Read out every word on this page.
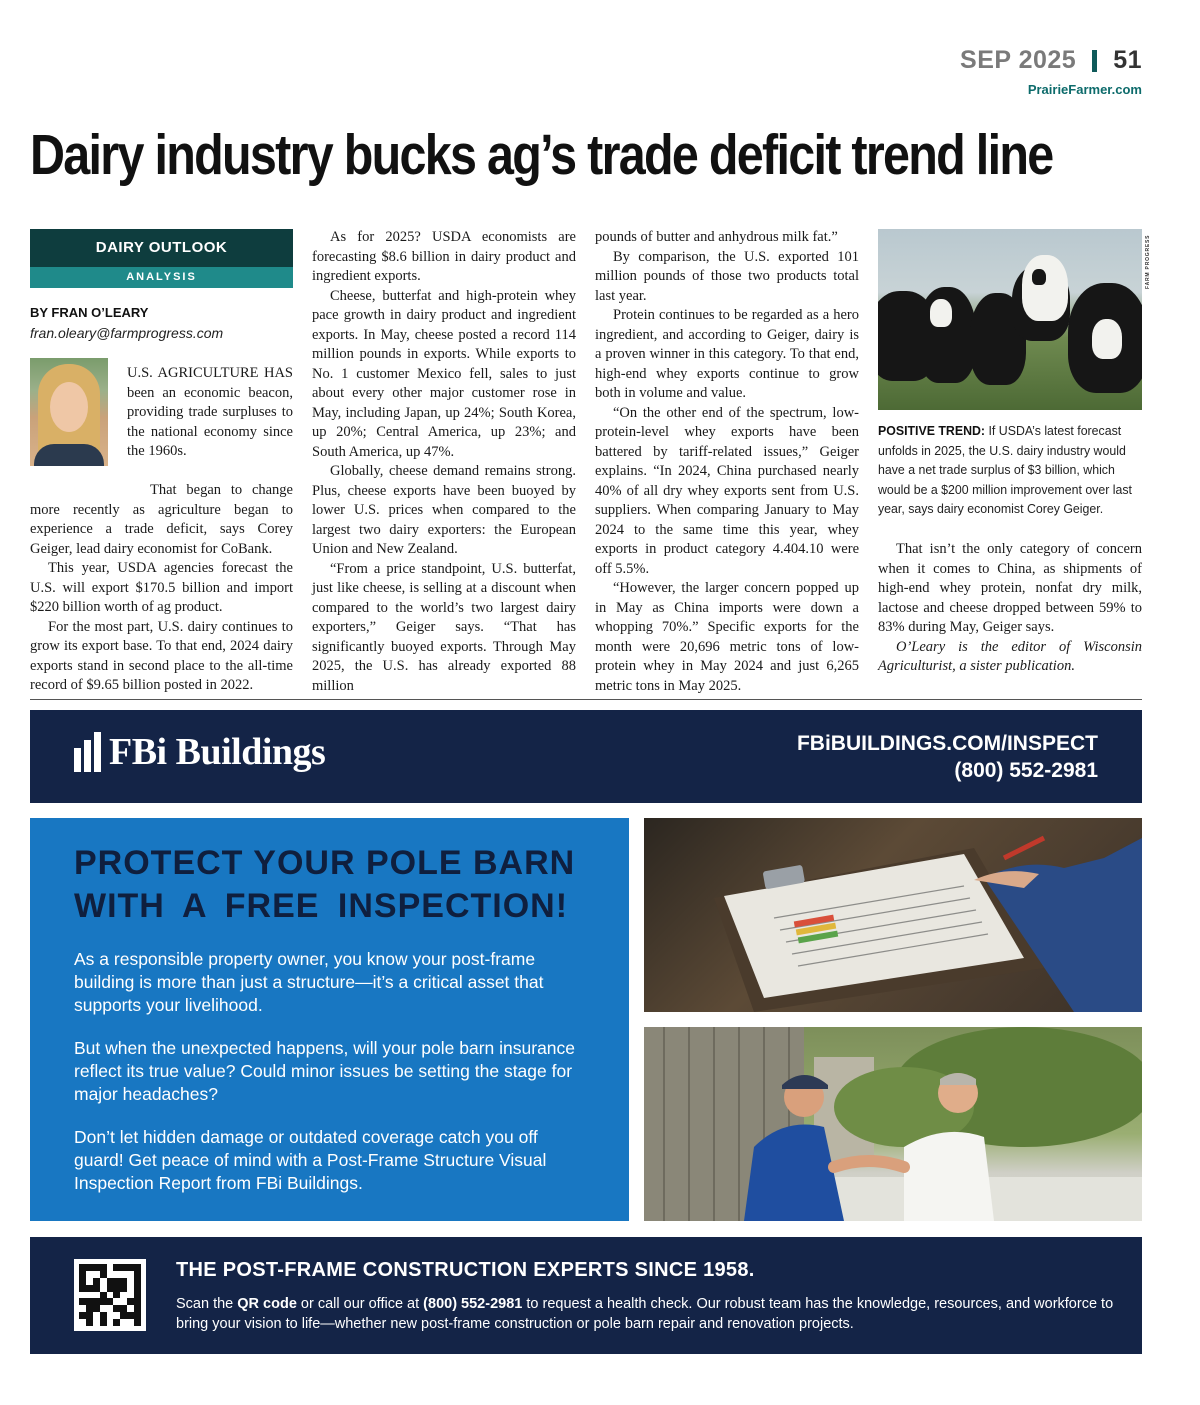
SEP 2025 51
PrairieFarmer.com
Dairy industry bucks ag’s trade deficit trend line
DAIRY OUTLOOK
ANALYSIS
BY FRAN O’LEARY
fran.oleary@farmprogress.com
U.S. AGRICULTURE HAS been an economic beacon, providing trade surpluses to the national economy since the 1960s.

That began to change more recently as agriculture began to experience a trade deficit, says Corey Geiger, lead dairy economist for CoBank.

This year, USDA agencies forecast the U.S. will export $170.5 billion and import $220 billion worth of ag product.

For the most part, U.S. dairy continues to grow its export base. To that end, 2024 dairy exports stand in second place to the all-time record of $9.65 billion posted in 2022.

As for 2025? USDA economists are forecasting $8.6 billion in dairy product and ingredient exports.

Cheese, butterfat and high-protein whey pace growth in dairy product and ingredient exports. In May, cheese posted a record 114 million pounds in exports. While exports to No. 1 customer Mexico fell, sales to just about every other major customer rose in May, including Japan, up 24%; South Korea, up 20%; Central America, up 23%; and South America, up 47%.

Globally, cheese demand remains strong. Plus, cheese exports have been buoyed by lower U.S. prices when compared to the largest two dairy exporters: the European Union and New Zealand.

“From a price standpoint, U.S. butterfat, just like cheese, is selling at a discount when compared to the world’s two largest dairy exporters,” Geiger says. “That has significantly buoyed exports. Through May 2025, the U.S. has already exported 88 million

pounds of butter and anhydrous milk fat.”

By comparison, the U.S. exported 101 million pounds of those two products total last year.

Protein continues to be regarded as a hero ingredient, and according to Geiger, dairy is a proven winner in this category. To that end, high-end whey exports continue to grow both in volume and value.

“On the other end of the spectrum, low-protein-level whey exports have been battered by tariff-related issues,” Geiger explains. “In 2024, China purchased nearly 40% of all dry whey exports sent from U.S. suppliers. When comparing January to May 2024 to the same time this year, whey exports in product category 4.404.10 were off 5.5%.

“However, the larger concern popped up in May as China imports were down a whopping 70%.” Specific exports for the month were 20,696 metric tons of low-protein whey in May 2024 and just 6,265 metric tons in May 2025.

FARM PROGRESS
POSITIVE TREND: If USDA’s latest forecast unfolds in 2025, the U.S. dairy industry would have a net trade surplus of $3 billion, which would be a $200 million improvement over last year, says dairy economist Corey Geiger.

That isn’t the only category of concern when it comes to China, as shipments of high-end whey protein, nonfat dry milk, lactose and cheese dropped between 59% to 83% during May, Geiger says.

O’Leary is the editor of Wisconsin Agriculturist, a sister publication.

FBi Buildings	FBiBUILDINGS.COM/INSPECT
(800) 552-2981
PROTECT YOUR POLE BARN
WITH A FREE INSPECTION!

As a responsible property owner, you know your post-frame building is more than just a structure—it’s a critical asset that supports your livelihood.

But when the unexpected happens, will your pole barn insurance reflect its true value? Could minor issues be setting the stage for major headaches?

Don’t let hidden damage or outdated coverage catch you off guard! Get peace of mind with a Post-Frame Structure Visual Inspection Report from FBi Buildings.

THE POST-FRAME CONSTRUCTION EXPERTS SINCE 1958.
Scan the QR code or call our office at (800) 552-2981 to request a health check. Our robust team has the knowledge, resources, and workforce to bring your vision to life—whether new post-frame construction or pole barn repair and renovation projects.
